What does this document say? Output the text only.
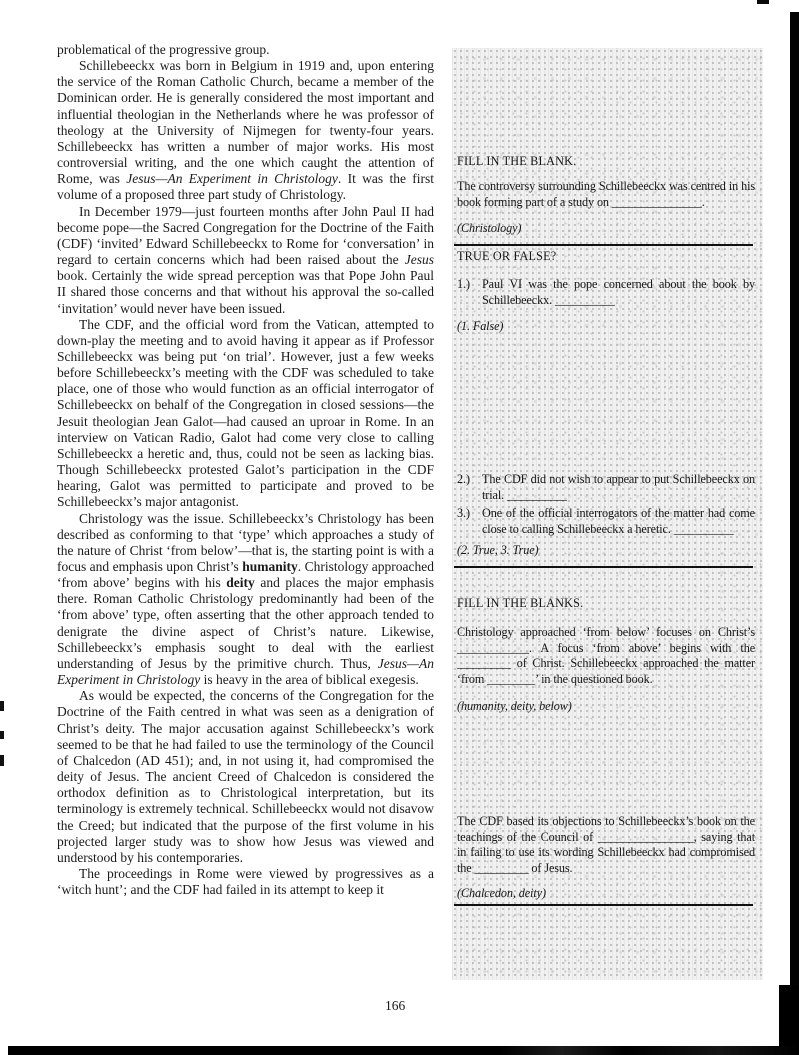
problematical of the progressive group.

Schillebeeckx was born in Belgium in 1919 and, upon entering the service of the Roman Catholic Church, became a member of the Dominican order. He is generally considered the most important and influential theologian in the Netherlands where he was professor of theology at the University of Nijmegen for twenty-four years. Schillebeeckx has written a number of major works. His most controversial writing, and the one which caught the attention of Rome, was Jesus—An Experiment in Christology. It was the first volume of a proposed three part study of Christology.

In December 1979—just fourteen months after John Paul II had become pope—the Sacred Congregation for the Doctrine of the Faith (CDF) ‘invited’ Edward Schillebeeckx to Rome for ‘conversation’ in regard to certain concerns which had been raised about the Jesus book. Certainly the wide spread perception was that Pope John Paul II shared those concerns and that without his approval the so-called ‘invitation’ would never have been issued.

The CDF, and the official word from the Vatican, attempted to down-play the meeting and to avoid having it appear as if Professor Schillebeeckx was being put ‘on trial’. However, just a few weeks before Schillebeeckx’s meeting with the CDF was scheduled to take place, one of those who would function as an official interrogator of Schillebeeckx on behalf of the Congregation in closed sessions—the Jesuit theologian Jean Galot—had caused an uproar in Rome. In an interview on Vatican Radio, Galot had come very close to calling Schillebeeckx a heretic and, thus, could not be seen as lacking bias. Though Schillebeeckx protested Galot’s participation in the CDF hearing, Galot was permitted to participate and proved to be Schillebeeckx’s major antagonist.

Christology was the issue. Schillebeeckx’s Christology has been described as conforming to that ‘type’ which approaches a study of the nature of Christ ‘from below’—that is, the starting point is with a focus and emphasis upon Christ’s humanity. Christology approached ‘from above’ begins with his deity and places the major emphasis there. Roman Catholic Christology predominantly had been of the ‘from above’ type, often asserting that the other approach tended to denigrate the divine aspect of Christ’s nature. Likewise, Schillebeeckx’s emphasis sought to deal with the earliest understanding of Jesus by the primitive church. Thus, Jesus—An Experiment in Christology is heavy in the area of biblical exegesis.

As would be expected, the concerns of the Congregation for the Doctrine of the Faith centred in what was seen as a denigration of Christ’s deity. The major accusation against Schillebeeckx’s work seemed to be that he had failed to use the terminology of the Council of Chalcedon (AD 451); and, in not using it, had compromised the deity of Jesus. The ancient Creed of Chalcedon is considered the orthodox definition as to Christological interpretation, but its terminology is extremely technical. Schillebeeckx would not disavow the Creed; but indicated that the purpose of the first volume in his projected larger study was to show how Jesus was viewed and understood by his contemporaries.

The proceedings in Rome were viewed by progressives as a ‘witch hunt’; and the CDF had failed in its attempt to keep it

FILL IN THE BLANK.
The controversy surrounding Schillebeeckx was centred in his book forming part of a study on _______________.
(Christology)
TRUE OR FALSE?
1.) Paul VI was the pope concerned about the book by Schillebeeckx. __________
(1. False)
2.) The CDF did not wish to appear to put Schillebeeckx on trial. __________
3.) One of the official interrogators of the matter had come close to calling Schillebeeckx a heretic. __________
(2. True, 3. True)
FILL IN THE BLANKS.
Christology approached ‘from below’ focuses on Christ’s ____________. A focus ‘from above’ begins with the _________ of Christ. Schillebeeckx approached the matter ‘from ________’ in the questioned book.
(humanity, deity, below)
The CDF based its objections to Schillebeeckx’s book on the teachings of the Council of ________________, saying that in failing to use its wording Schillebeeckx had compromised the _________ of Jesus.
(Chalcedon, deity)
166
